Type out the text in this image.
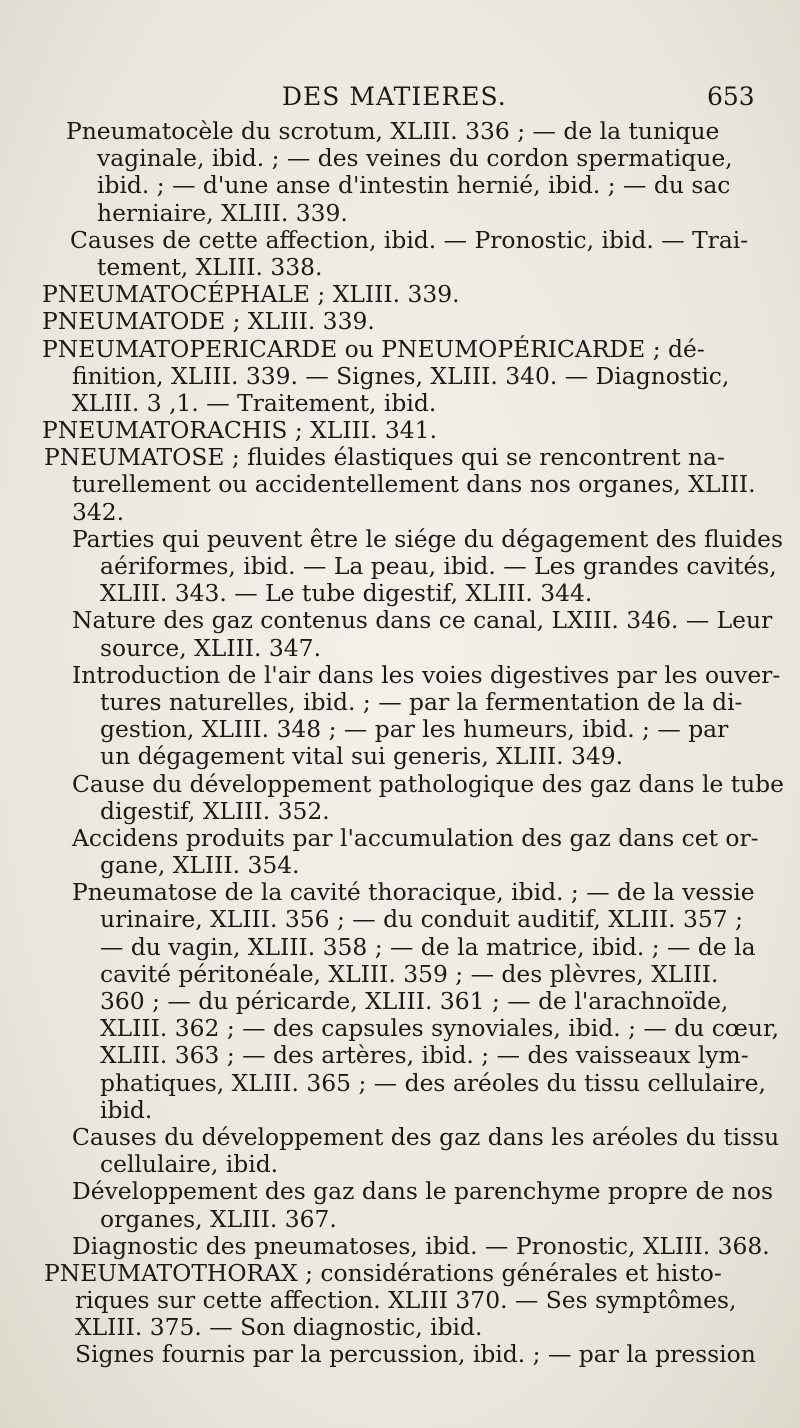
DES MATIERES.	653
Pneumatocèle du scrotum, XLIII. 336 ; — de la tunique
vaginale, ibid. ; — des veines du cordon spermatique,
ibid. ; — d'une anse d'intestin hernié, ibid. ; — du sac
herniaire, XLIII. 339.
Causes de cette affection, ibid. — Pronostic, ibid. — Trai-
tement, XLIII. 338.
PNEUMATOCÉPHALE ; XLIII. 339.
PNEUMATODE ; XLIII. 339.
PNEUMATOPERICARDE ou PNEUMOPÉRICARDE ; dé-
finition, XLIII. 339. — Signes, XLIII. 340. — Diagnostic,
XLIII. 3 ,1. — Traitement, ibid.
PNEUMATORACHIS ; XLIII. 341.
PNEUMATOSE ; fluides élastiques qui se rencontrent na-
turellement ou accidentellement dans nos organes, XLIII.
342.
Parties qui peuvent être le siége du dégagement des fluides
aériformes, ibid. — La peau, ibid. — Les grandes cavités,
XLIII. 343. — Le tube digestif, XLIII. 344.
Nature des gaz contenus dans ce canal, LXIII. 346. — Leur
source, XLIII. 347.
Introduction de l'air dans les voies digestives par les ouver-
tures naturelles, ibid. ; — par la fermentation de la di-
gestion, XLIII. 348 ; — par les humeurs, ibid. ; — par
un dégagement vital sui generis, XLIII. 349.
Cause du développement pathologique des gaz dans le tube
digestif, XLIII. 352.
Accidens produits par l'accumulation des gaz dans cet or-
gane, XLIII. 354.
Pneumatose de la cavité thoracique, ibid. ; — de la vessie
urinaire, XLIII. 356 ; — du conduit auditif, XLIII. 357 ;
— du vagin, XLIII. 358 ; — de la matrice, ibid. ; — de la
cavité péritonéale, XLIII. 359 ; — des plèvres, XLIII.
360 ; — du péricarde, XLIII. 361 ; — de l'arachnoïde,
XLIII. 362 ; — des capsules synoviales, ibid. ; — du cœur,
XLIII. 363 ; — des artères, ibid. ; — des vaisseaux lym-
phatiques, XLIII. 365 ; — des aréoles du tissu cellulaire,
ibid.
Causes du développement des gaz dans les aréoles du tissu
cellulaire, ibid.
Développement des gaz dans le parenchyme propre de nos
organes, XLIII. 367.
Diagnostic des pneumatoses, ibid. — Pronostic, XLIII. 368.
PNEUMATOTHORAX ; considérations générales et histo-
riques sur cette affection. XLIII 370. — Ses symptômes,
XLIII. 375. — Son diagnostic, ibid.
Signes fournis par la percussion, ibid. ; — par la pression
